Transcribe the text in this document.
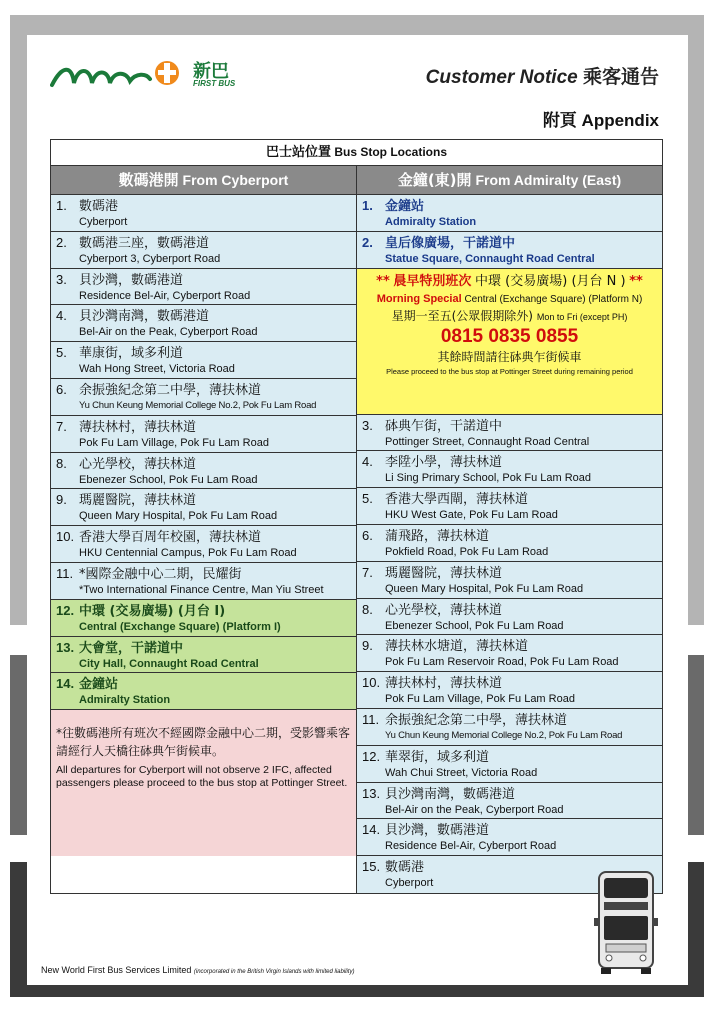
新巴
FIRST BUS	Customer Notice 乘客通告
附頁 Appendix
巴士站位置 Bus Stop Locations
數碼港開 From Cyberport	金鐘(東)開 From Admiralty (East)
1. 數碼港
Cyberport
2. 數碼港三座，數碼港道
Cyberport 3, Cyberport Road
3. 貝沙灣，數碼港道
Residence Bel-Air, Cyberport Road
4. 貝沙灣南灣，數碼港道
Bel-Air on the Peak, Cyberport Road
5. 華康街，域多利道
Wah Hong Street, Victoria Road
6. 余振強紀念第二中學，薄扶林道
Yu Chun Keung Memorial College No.2, Pok Fu Lam Road
7. 薄扶林村，薄扶林道
Pok Fu Lam Village, Pok Fu Lam Road
8. 心光學校，薄扶林道
Ebenezer School, Pok Fu Lam Road
9. 瑪麗醫院，薄扶林道
Queen Mary Hospital, Pok Fu Lam Road
10. 香港大學百周年校園，薄扶林道
HKU Centennial Campus, Pok Fu Lam Road
11. *國際金融中心二期，民耀街
*Two International Finance Centre, Man Yiu Street
12. 中環 (交易廣場) (月台 I)
Central (Exchange Square) (Platform I)
13. 大會堂，干諾道中
City Hall, Connaught Road Central
14. 金鐘站
Admiralty Station
*往數碼港所有班次不經國際金融中心二期，受影響乘客請經行人天橋往砵典乍街候車。
All departures for Cyberport will not observe 2 IFC, affected passengers please proceed to the bus stop at Pottinger Street.
1. 金鐘站
Admiralty Station
2. 皇后像廣場，干諾道中
Statue Square, Connaught Road Central
** 晨早特別班次 中環 (交易廣場) (月台 N ) **
Morning Special Central (Exchange Square) (Platform N)
星期一至五(公眾假期除外) Mon to Fri (except PH)
0815 0835 0855
其餘時間請往砵典乍街候車
Please proceed to the bus stop at Pottinger Street during remaining period
3. 砵典乍街，干諾道中
Pottinger Street, Connaught Road Central
4. 李陞小學，薄扶林道
Li Sing Primary School, Pok Fu Lam Road
5. 香港大學西閘，薄扶林道
HKU West Gate, Pok Fu Lam Road
6. 蒲飛路，薄扶林道
Pokfield Road, Pok Fu Lam Road
7. 瑪麗醫院，薄扶林道
Queen Mary Hospital, Pok Fu Lam Road
8. 心光學校，薄扶林道
Ebenezer School, Pok Fu Lam Road
9. 薄扶林水塘道，薄扶林道
Pok Fu Lam Reservoir Road, Pok Fu Lam Road
10. 薄扶林村，薄扶林道
Pok Fu Lam Village, Pok Fu Lam Road
11. 余振強紀念第二中學，薄扶林道
Yu Chun Keung Memorial College No.2, Pok Fu Lam Road
12. 華翠街，域多利道
Wah Chui Street, Victoria Road
13. 貝沙灣南灣，數碼港道
Bel-Air on the Peak, Cyberport Road
14. 貝沙灣，數碼港道
Residence Bel-Air, Cyberport Road
15. 數碼港
Cyberport
New World First Bus Services Limited (incorporated in the British Virgin Islands with limited liability)
